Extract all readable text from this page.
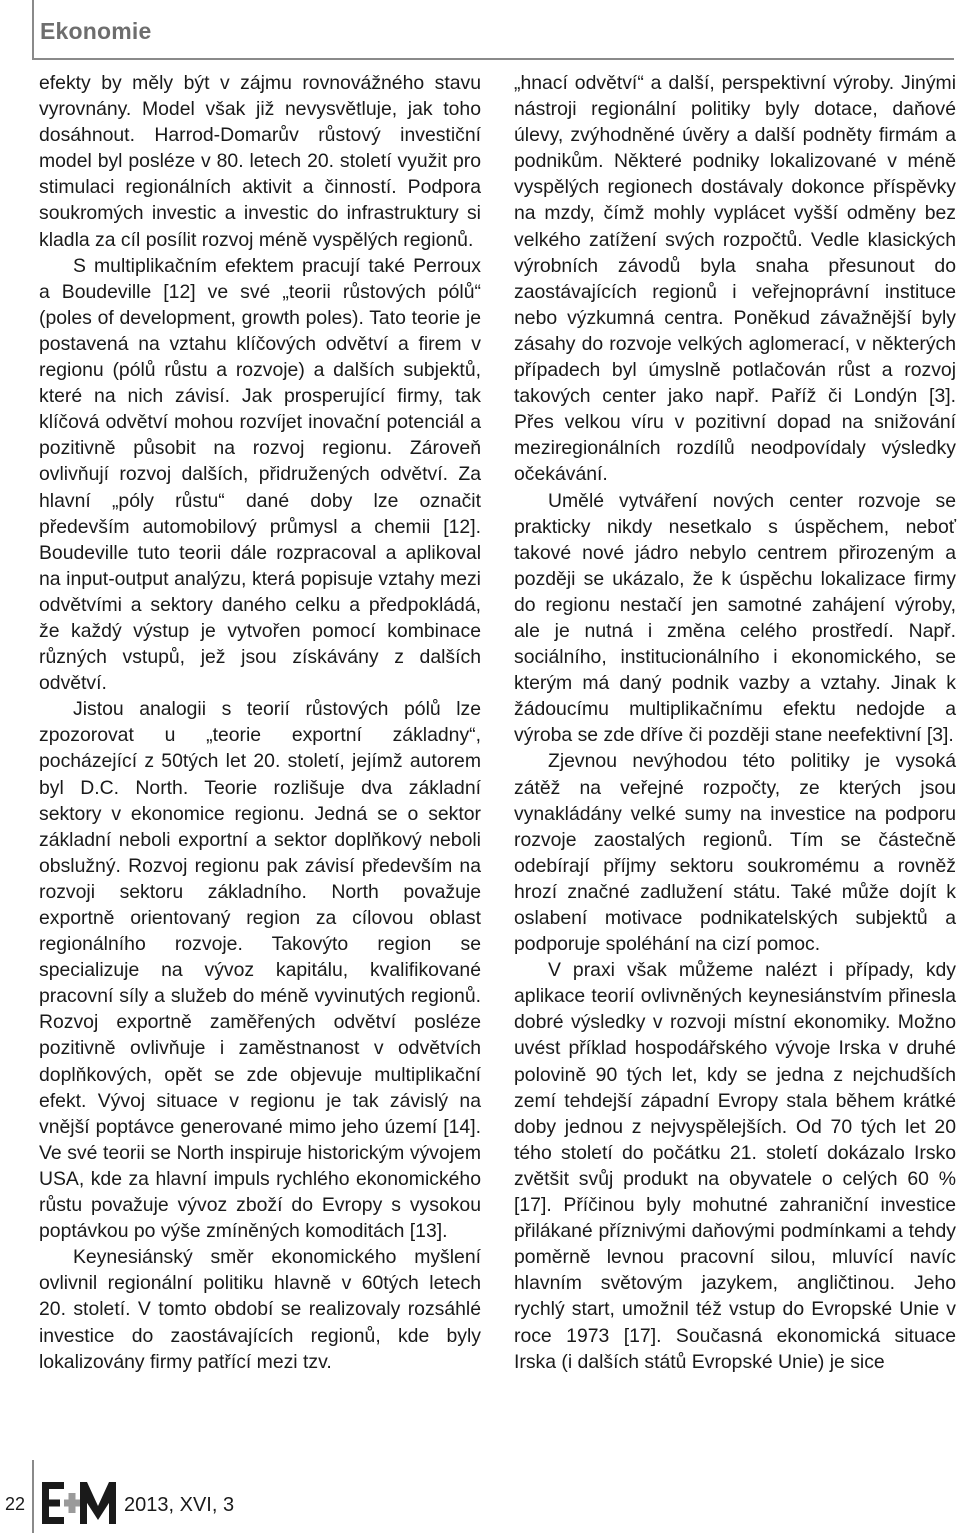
Ekonomie

efekty by měly být v zájmu rovnovážného stavu vyrovnány. Model však již nevysvětluje, jak toho dosáhnout. Harrod-Domarův růstový investiční model byl posléze v 80. letech 20. století využit pro stimulaci regionálních aktivit a činností. Podpora soukromých investic a investic do infrastruktury si kladla za cíl posílit rozvoj méně vyspělých regionů.

S multiplikačním efektem pracují také Perroux a Boudeville [12] ve své „teorii růstových pólů“ (poles of development, growth poles). Tato teorie je postavená na vztahu klíčových odvětví a firem v regionu (pólů růstu a rozvoje) a dalších subjektů, které na nich závisí. Jak prosperující firmy, tak klíčová odvětví mohou rozvíjet inovační potenciál a pozitivně působit na rozvoj regionu. Zároveň ovlivňují rozvoj dalších, přidružených odvětví. Za hlavní „póly růstu“ dané doby lze označit především automobilový průmysl a chemii [12]. Boudeville tuto teorii dále rozpracoval a aplikoval na input-output analýzu, která popisuje vztahy mezi odvětvími a sektory daného celku a předpokládá, že každý výstup je vytvořen pomocí kombinace různých vstupů, jež jsou získávány z dalších odvětví.

Jistou analogii s teorií růstových pólů lze zpozorovat u „teorie exportní základny“, pocházející z 50tých let 20. století, jejímž autorem byl D.C. North. Teorie rozlišuje dva základní sektory v ekonomice regionu. Jedná se o sektor základní neboli exportní a sektor doplňkový neboli obslužný. Rozvoj regionu pak závisí především na rozvoji sektoru základního. North považuje exportně orientovaný region za cílovou oblast regionálního rozvoje. Takovýto region se specializuje na vývoz kapitálu, kvalifikované pracovní síly a služeb do méně vyvinutých regionů. Rozvoj exportně zaměřených odvětví posléze pozitivně ovlivňuje i zaměstnanost v odvětvích doplňkových, opět se zde objevuje multiplikační efekt. Vývoj situace v regionu je tak závislý na vnější poptávce generované mimo jeho území [14]. Ve své teorii se North inspiruje historickým vývojem USA, kde za hlavní impuls rychlého ekonomického růstu považuje vývoz zboží do Evropy s vysokou poptávkou po výše zmíněných komoditách [13].

Keynesiánský směr ekonomického myšlení ovlivnil regionální politiku hlavně v 60tých letech 20. století. V tomto období se realizovaly rozsáhlé investice do zaostávajících regionů, kde byly lokalizovány firmy patřící mezi tzv.

„hnací odvětví“ a další, perspektivní výroby. Jinými nástroji regionální politiky byly dotace, daňové úlevy, zvýhodněné úvěry a další podněty firmám a podnikům. Některé podniky lokalizované v méně vyspělých regionech dostávaly dokonce příspěvky na mzdy, čímž mohly vyplácet vyšší odměny bez velkého zatížení svých rozpočtů. Vedle klasických výrobních závodů byla snaha přesunout do zaostávajících regionů i veřejnoprávní instituce nebo výzkumná centra. Poněkud závažnější byly zásahy do rozvoje velkých aglomerací, v některých případech byl úmyslně potlačován růst a rozvoj takových center jako např. Paříž či Londýn [3]. Přes velkou víru v pozitivní dopad na snižování meziregionálních rozdílů neodpovídaly výsledky očekávání.

Umělé vytváření nových center rozvoje se prakticky nikdy nesetkalo s úspěchem, neboť takové nové jádro nebylo centrem přirozeným a později se ukázalo, že k úspěchu lokalizace firmy do regionu nestačí jen samotné zahájení výroby, ale je nutná i změna celého prostředí. Např. sociálního, institucionálního i ekonomického, se kterým má daný podnik vazby a vztahy. Jinak k žádoucímu multiplikačnímu efektu nedojde a výroba se zde dříve či později stane neefektivní [3].

Zjevnou nevýhodou této politiky je vysoká zátěž na veřejné rozpočty, ze kterých jsou vynakládány velké sumy na investice na podporu rozvoje zaostalých regionů. Tím se částečně odebírají příjmy sektoru soukromému a rovněž hrozí značné zadlužení státu. Také může dojít k oslabení motivace podnikatelských subjektů a podporuje spoléhání na cizí pomoc.

V praxi však můžeme nalézt i případy, kdy aplikace teorií ovlivněných keynesiánstvím přinesla dobré výsledky v rozvoji místní ekonomiky. Možno uvést příklad hospodářského vývoje Irska v druhé polovině 90 tých let, kdy se jedna z nejchudších zemí tehdejší západní Evropy stala během krátké doby jednou z nejvyspělejších. Od 70 tých let 20 tého století do počátku 21. století dokázalo Irsko zvětšit svůj produkt na obyvatele o celých 60 % [17]. Příčinou byly mohutné zahraniční investice přilákané příznivými daňovými podmínkami a tehdy poměrně levnou pracovní silou, mluvící navíc hlavním světovým jazykem, angličtinou. Jeho rychlý start, umožnil též vstup do Evropské Unie v roce 1973 [17]. Současná ekonomická situace Irska (i dalších států Evropské Unie) je sice

22	2013, XVI, 3
